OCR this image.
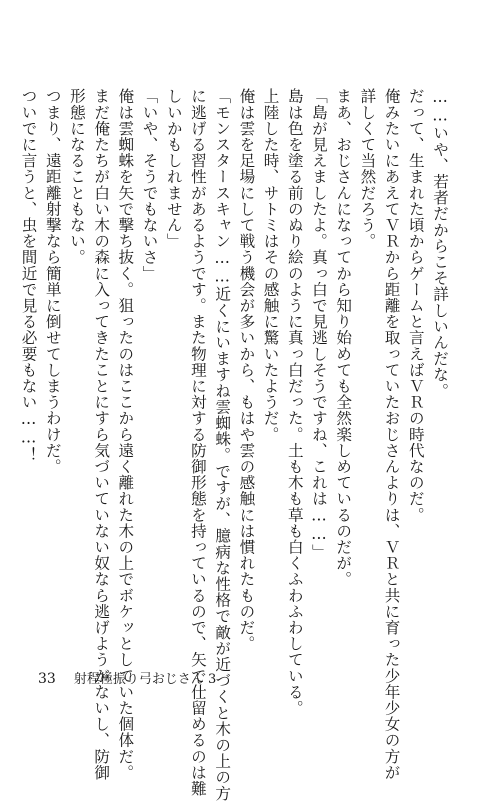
……いや、若者だからこそ詳しいんだな。
だって、生まれた頃からゲームと言えばＶＲの時代なのだ。
俺みたいにあえてＶＲから距離を取っていたおじさんよりは、ＶＲと共に育った少年少女の方が
詳しくて当然だろう。
まあ、おじさんになってから知り始めても全然楽しめているのだが。
「島が見えましたよ。真っ白で見逃しそうですね、これは……」
島は色を塗る前のぬり絵のように真っ白だった。土も木も草も白くふわふわしている。
上陸した時、サトミはその感触に驚いたようだ。
俺は雲を足場にして戦う機会が多いから、もはや雲の感触には慣れたものだ。
「モンスタースキャン……近くにいますね雲蜘蛛。ですが、臆病な性格で敵が近づくと木の上の方
に逃げる習性があるようです。また物理に対する防御形態を持っているので、矢で仕留めるのは難
しいかもしれません」
「いや、そうでもないさ」
俺は雲蜘蛛を矢で撃ち抜く。狙ったのはここから遠く離れた木の上でボケッとしていた個体だ。
まだ俺たちが白い木の森に入ってきたことにすら気づいていない奴なら逃げようがないし、防御
形態になることもない。
つまり、遠距離射撃なら簡単に倒せてしまうわけだ。
ついでに言うと、虫を間近で見る必要もない……！
33 射程極振り弓おじさん 3
